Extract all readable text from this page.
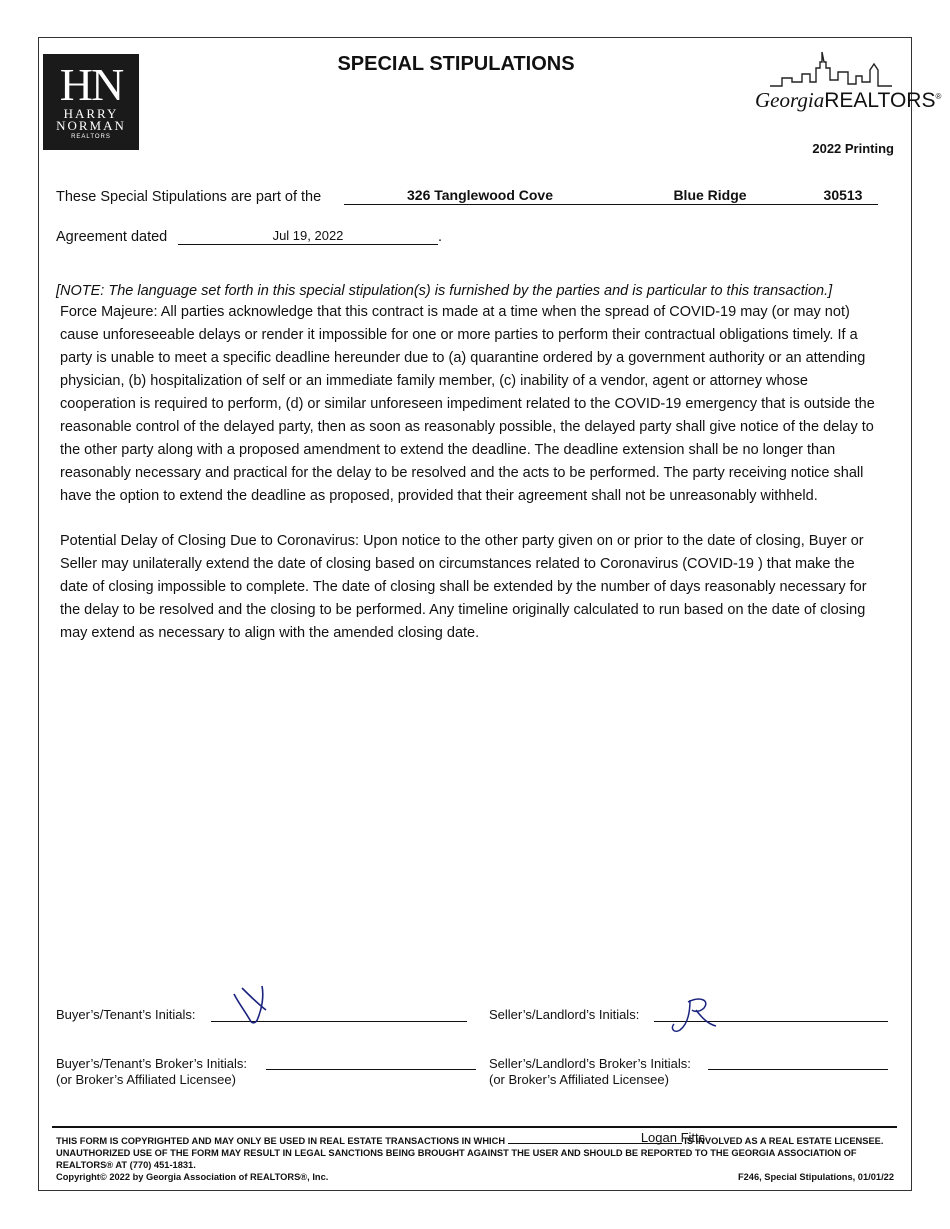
HN
HARRY
NORMAN
REALTORS
SPECIAL STIPULATIONS
GeorgiaREALTORS®
2022 Printing
These Special Stipulations are part of the	326 Tanglewood Cove	Blue Ridge	30513
Agreement dated	Jul 19, 2022	.
[NOTE: The language set forth in this special stipulation(s) is furnished by the parties and is particular to this transaction.]

Force Majeure: All parties acknowledge that this contract is made at a time when the spread of COVID-19 may (or may not) cause unforeseeable delays or render it impossible for one or more parties to perform their contractual obligations timely. If a party is unable to meet a specific deadline hereunder due to (a) quarantine ordered by a government authority or an attending physician, (b) hospitalization of self or an immediate family member, (c) inability of a vendor, agent or attorney whose cooperation is required to perform, (d) or similar unforeseen impediment related to the COVID-19 emergency that is outside the reasonable control of the delayed party, then as soon as reasonably possible, the delayed party shall give notice of the delay to the other party along with a proposed amendment to extend the deadline. The deadline extension shall be no longer than reasonably necessary and practical for the delay to be resolved and the acts to be performed. The party receiving notice shall have the option to extend the deadline as proposed, provided that their agreement shall not be unreasonably withheld.

Potential Delay of Closing Due to Coronavirus: Upon notice to the other party given on or prior to the date of closing, Buyer or Seller may unilaterally extend the date of closing based on circumstances related to Coronavirus (COVID-19 ) that make the date of closing impossible to complete. The date of closing shall be extended by the number of days reasonably necessary for the delay to be resolved and the closing to be performed. Any timeline originally calculated to run based on the date of closing may extend as necessary to align with the amended closing date.

Buyer’s/Tenant’s Initials:	Seller’s/Landlord’s Initials:
Buyer’s/Tenant’s Broker’s Initials:
(or Broker’s Affiliated Licensee)
Seller’s/Landlord’s Broker’s Initials:
(or Broker’s Affiliated Licensee)
THIS FORM IS COPYRIGHTED AND MAY ONLY BE USED IN REAL ESTATE TRANSACTIONS IN WHICH	IS INVOLVED AS A REAL ESTATE LICENSEE. UNAUTHORIZED USE OF THE FORM MAY RESULT IN LEGAL SANCTIONS BEING BROUGHT AGAINST THE USER AND SHOULD BE REPORTED TO THE GEORGIA ASSOCIATION OF REALTORS® AT (770) 451-1831.
Logan Fitts
Copyright© 2022 by Georgia Association of REALTORS®, Inc.	F246, Special Stipulations, 01/01/22
